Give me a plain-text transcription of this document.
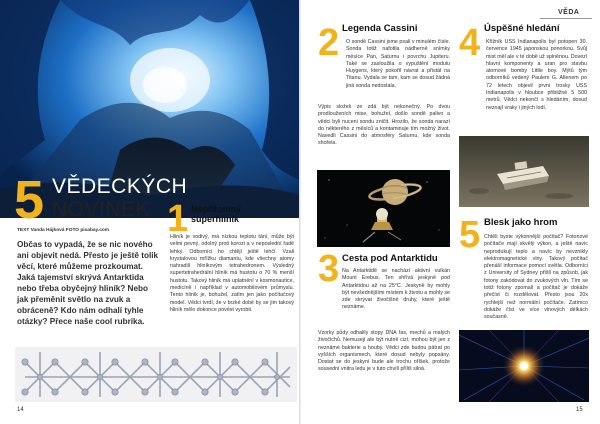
5 VĚDECKÝCH
NOVINEK
TEXT Vanda Hájková FOTO pixabay.com

Občas to vypadá, že se nic nového ani objevit nedá. Přesto je ještě tolik věcí, které můžeme prozkoumat. Jaká tajemství skrývá Antarktida nebo třeba obyčejný hliník? Nebo jak přeměnit světlo na zvuk a obráceně? Kdo nám odhalí tyhle otázky? Přece naše cool rubrika.

1 Nepřítomný
superhliník

Hliník je vodivý, má nízkou teplotu tání, může být velmi pevný, odolný proti korozi a v neposlední řadě lehký. Odborníci ho chtějí ještě lehčí. Vzali krystalovou mřížku diamantu, kde všechny atomy nahradili hliníkovým tetrahedronem. Výsledný supertetrahedrální hliník má hustotu o 70 % menší hustotu. Takový hliník má uplatnění v kosmonautice, medicíně i například v automobilovém průmyslu. Tento hliník je, bohužel, zatím jen jako počítačový model. Vědci tvrdí, že v brzké době by se jim takový hliník mělo dokonce povést vyrobit.

14
VĚDA
2 Legenda Cassini

O sondě Cassini jsme psali v minulém čísle. Sonda totiž nafotila nádherné snímky měsíce Pan, Saturnu i povrchu Jupiteru. Také se zasloužila o vypuštění modulu Huygens, který pokořil návrat a přistál na Titanu. Vydala se tam, kam se dosud žádná jiná sonda nedostala.

Výpis složek ze zdá být nekonečný. Po dvou prodlouženích mise, bohužel, došlo sondě palivo a vědci byli nuceni sondu zničit. Hrozilo, že sonda narazí do některého z měsíců a kontaminuje tím možný život. Navedli Cassini do atmosféry Saturnu, kde sonda shořela.

3 Cesta pod Antarktidu

Na Antarktidě se nachází aktivní vulkán Mount Erebus. Ten shřívá jeskyně pod Antarktidou až na 25°C. Jeskyně by mohly být nevšednějšími místem k životu a mohly se zde skrývat živočišné druhy, které ještě neznáme.

Vzorky půdy odhalily stopy DNA řas, mechů a malých živočichů. Nemusejí ale být nutně cizí, mohou být jen z neznámé bakterie a houby. Vědci zde budou pátrat po vyšších organismech, které dosud nebyly popsány. Dostat se do jeskyní bude ale trochu oříšek, protože sousední vnitra ledu je v tuto chvíli příliš silná.

4 Úspěšné hledání

Křižník USS Indianapolis byl potopen 30. července 1945 japonskou ponorkou. Svůj mist měl ale v té době už splněnou. Dovezl hlavní komponenty a uran pro stavbu atomové bomby Little boy. Mýtů tým odborníků vedený Paulem G. Allenem po 72 letech objevil první trosky USS Indianapolis v hloubce přibližně 5 500 metrů. Vědci nekončí s hledáním, dosud neznají vraky i jiných lodí.

5 Blesk jako hrom

Chtěli byste výkonnější počítač? Fotonové počítače mají skvělý výkon, a ještě navíc neprodukují teplo a navíc by nevznikly elektromagnetické vlny. Takový počítač přenáší informace pomocí světla. Odborníci z University of Sydney přišli na způsob, jak fotony zakódovat do zvukových vln. Tím se totiž fotony zpomalí a počítač je dokáže přečíst či rozdělovat. Přesto jsou 20x rychlejší než normální počítače. Zatímco dokáže číst ve více vlnových délkách současně.

15
